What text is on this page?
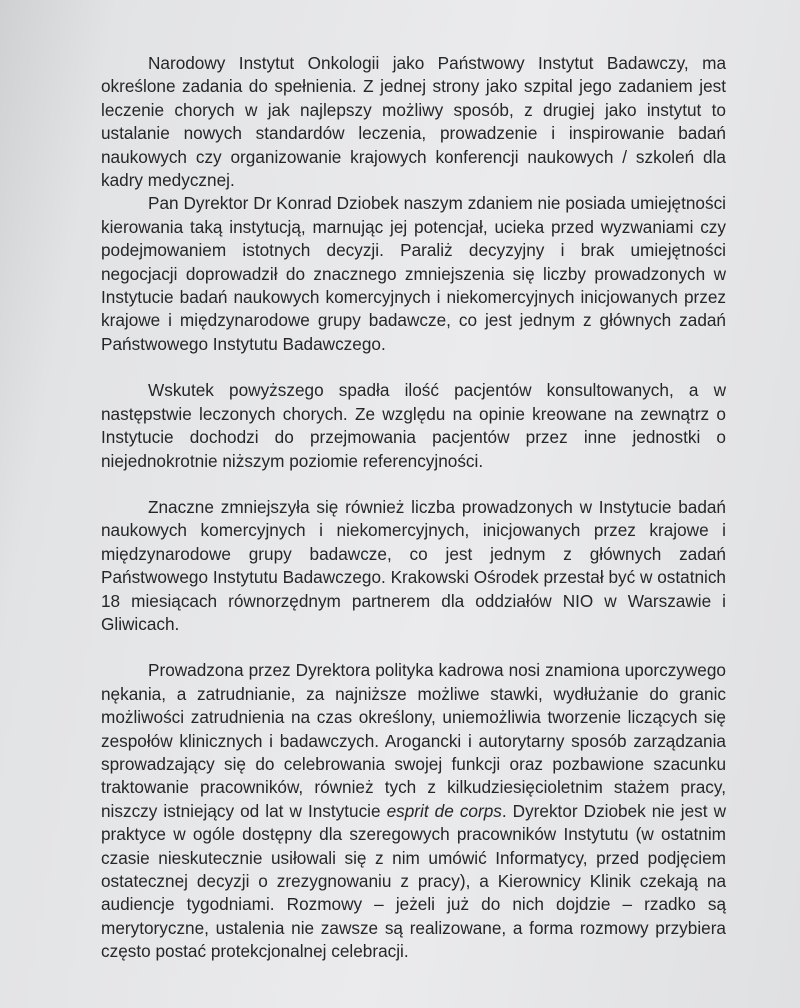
Narodowy Instytut Onkologii jako Państwowy Instytut Badawczy, ma określone zadania do spełnienia. Z jednej strony jako szpital jego zadaniem jest leczenie chorych w jak najlepszy możliwy sposób, z drugiej jako instytut to ustalanie nowych standardów leczenia, prowadzenie i inspirowanie badań naukowych czy organizowanie krajowych konferencji naukowych / szkoleń dla kadry medycznej.

Pan Dyrektor Dr Konrad Dziobek naszym zdaniem nie posiada umiejętności kierowania taką instytucją, marnując jej potencjał, ucieka przed wyzwaniami czy podejmowaniem istotnych decyzji. Paraliż decyzyjny i brak umiejętności negocjacji doprowadził do znacznego zmniejszenia się liczby prowadzonych w Instytucie badań naukowych komercyjnych i niekomercyjnych inicjowanych przez krajowe i międzynarodowe grupy badawcze, co jest jednym z głównych zadań Państwowego Instytutu Badawczego.

Wskutek powyższego spadła ilość pacjentów konsultowanych, a w następstwie leczonych chorych. Ze względu na opinie kreowane na zewnątrz o Instytucie dochodzi do przejmowania pacjentów przez inne jednostki o niejednokrotnie niższym poziomie referencyjności.

Znaczne zmniejszyła się również liczba prowadzonych w Instytucie badań naukowych komercyjnych i niekomercyjnych, inicjowanych przez krajowe i międzynarodowe grupy badawcze, co jest jednym z głównych zadań Państwowego Instytutu Badawczego. Krakowski Ośrodek przestał być w ostatnich 18 miesiącach równorzędnym partnerem dla oddziałów NIO w Warszawie i Gliwicach.

Prowadzona przez Dyrektora polityka kadrowa nosi znamiona uporczywego nękania, a zatrudnianie, za najniższe możliwe stawki, wydłużanie do granic możliwości zatrudnienia na czas określony, uniemożliwia tworzenie liczących się zespołów klinicznych i badawczych. Arogancki i autorytarny sposób zarządzania sprowadzający się do celebrowania swojej funkcji oraz pozbawione szacunku traktowanie pracowników, również tych z kilkudziesięcioletnim stażem pracy, niszczy istniejący od lat w Instytucie esprit de corps. Dyrektor Dziobek nie jest w praktyce w ogóle dostępny dla szeregowych pracowników Instytutu (w ostatnim czasie nieskutecznie usiłowali się z nim umówić Informatycy, przed podjęciem ostatecznej decyzji o zrezygnowaniu z pracy), a Kierownicy Klinik czekają na audiencje tygodniami. Rozmowy – jeżeli już do nich dojdzie – rzadko są merytoryczne, ustalenia nie zawsze są realizowane, a forma rozmowy przybiera często postać protekcjonalnej celebracji.
